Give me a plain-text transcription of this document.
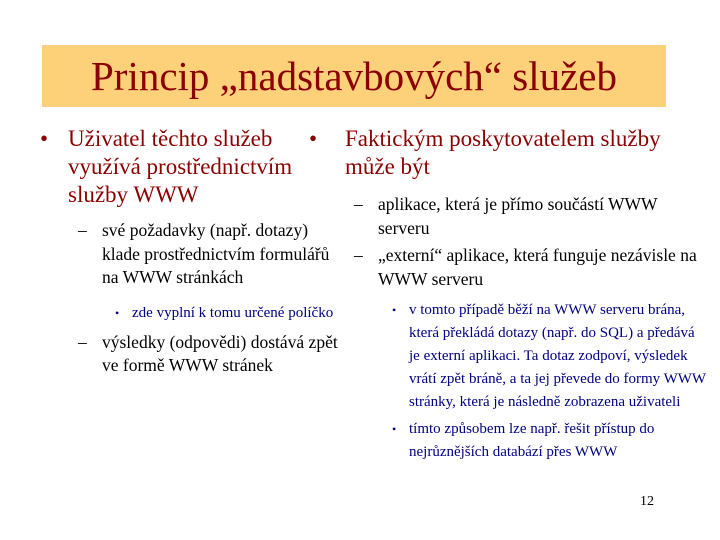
Princip „nadstavbových“ služeb
• Uživatel těchto služeb využívá prostřednictvím služby WWW
– své požadavky (např. dotazy) klade prostřednictvím formulářů na WWW stránkách
• zde vyplní k tomu určené políčko
– výsledky (odpovědi) dostává zpět ve formě WWW stránek
• Faktickým poskytovatelem služby může být
– aplikace, která je přímo součástí WWW serveru
– „externí“ aplikace, která funguje nezávisle na WWW serveru
• v tomto případě běží na WWW serveru brána, která překládá dotazy (např. do SQL) a předává je externí aplikaci. Ta dotaz zodpoví, výsledek vrátí zpět bráně, a ta jej převede do formy WWW stránky, která je následně zobrazena uživateli
• tímto způsobem lze např. řešit přístup do nejrůznějších databází přes WWW
12
